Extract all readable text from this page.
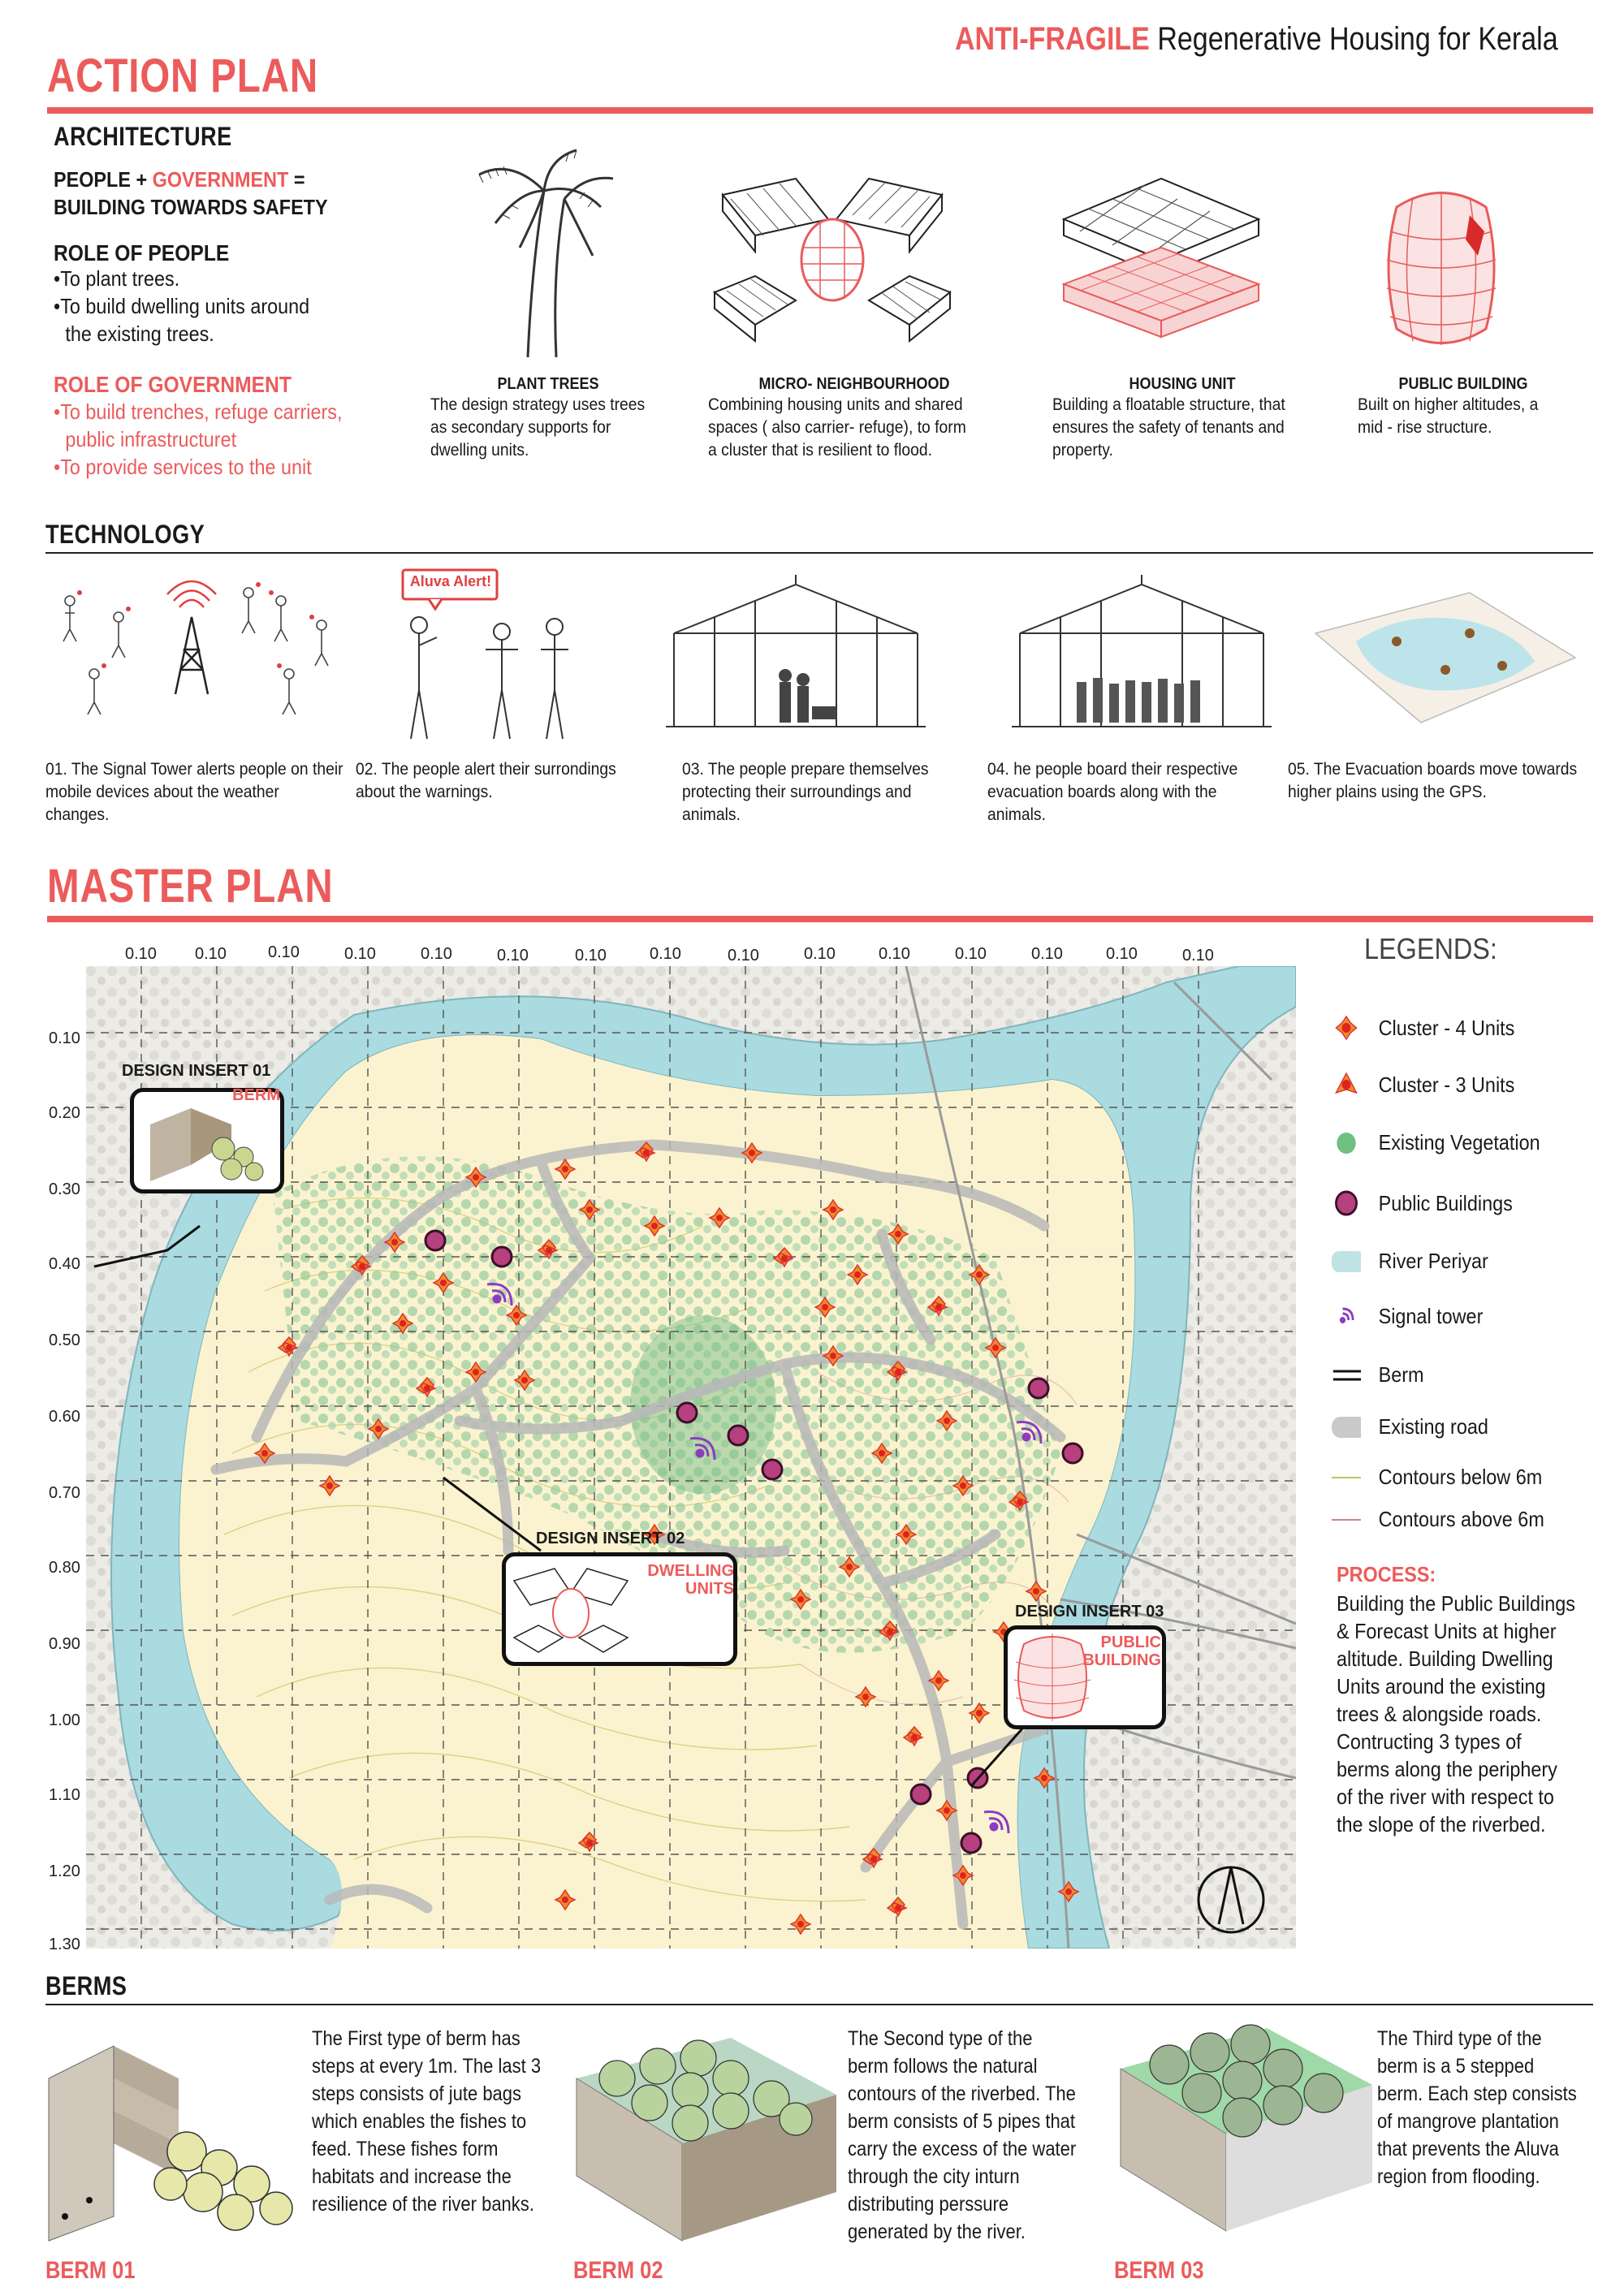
ANTI-FRAGILE Regenerative Housing for Kerala
ACTION PLAN
ARCHITECTURE
PEOPLE + GOVERNMENT =
BUILDING TOWARDS SAFETY
ROLE OF PEOPLE
•To plant trees.
•To build dwelling units around
the existing trees.
ROLE OF GOVERNMENT
•To build trenches, refuge carriers,
public infrastructuret
•To provide services to the unit
PLANT TREES
The design strategy uses trees as secondary supports for dwelling units.
MICRO- NEIGHBOURHOOD
Combining housing units and shared spaces ( also carrier- refuge), to form a cluster that is resilient to flood.
HOUSING UNIT
Building a floatable structure, that ensures the safety of tenants and property.
PUBLIC BUILDING
Built on higher altitudes, a mid - rise structure.
TECHNOLOGY
Aluva Alert!
01. The Signal Tower alerts people on their mobile devices about the weather changes.
02. The people alert their surrondings about the warnings.
03. The people prepare themselves protecting their surroundings and animals.
04. he people board their respective evacuation boards along with the animals.
05. The Evacuation boards move towards higher plains using the GPS.
MASTER PLAN
0.10 0.10	0.10	0.10	0.10	0.10	0.10	0.10	0.10	0.10	0.10	0.10	0.10	0.10	0.10
0.10
0.20
0.30
0.40
0.50
0.60
0.70
0.80
0.90
1.00
1.10
1.20
1.30
DESIGN INSERT 01
BERM
DESIGN INSERT 02
DWELLING UNITS
DESIGN INSERT 03
PUBLIC BUILDING
LEGENDS:
Cluster - 4 Units
Cluster - 3 Units
Existing Vegetation
Public Buildings
River Periyar
Signal tower
Berm
Existing road
Contours below 6m
Contours above 6m
PROCESS:
Building the Public Buildings & Forecast Units at higher altitude. Building Dwelling Units around the existing trees & alongside roads. Contructing 3 types of berms along the periphery of the river with respect to the slope of the riverbed.
BERMS
The First type of berm has steps at every 1m. The last 3 steps consists of jute bags which enables the fishes to feed. These fishes form habitats and increase the resilience of the river banks.
BERM 01
The Second type of the berm follows the natural contours of the riverbed. The berm consists of 5 pipes that carry the excess of the water through the city inturn distributing perssure generated by the river.
BERM 02
The Third type of the berm is a 5 stepped berm. Each step consists of mangrove plantation that prevents the Aluva region from flooding.
BERM 03
